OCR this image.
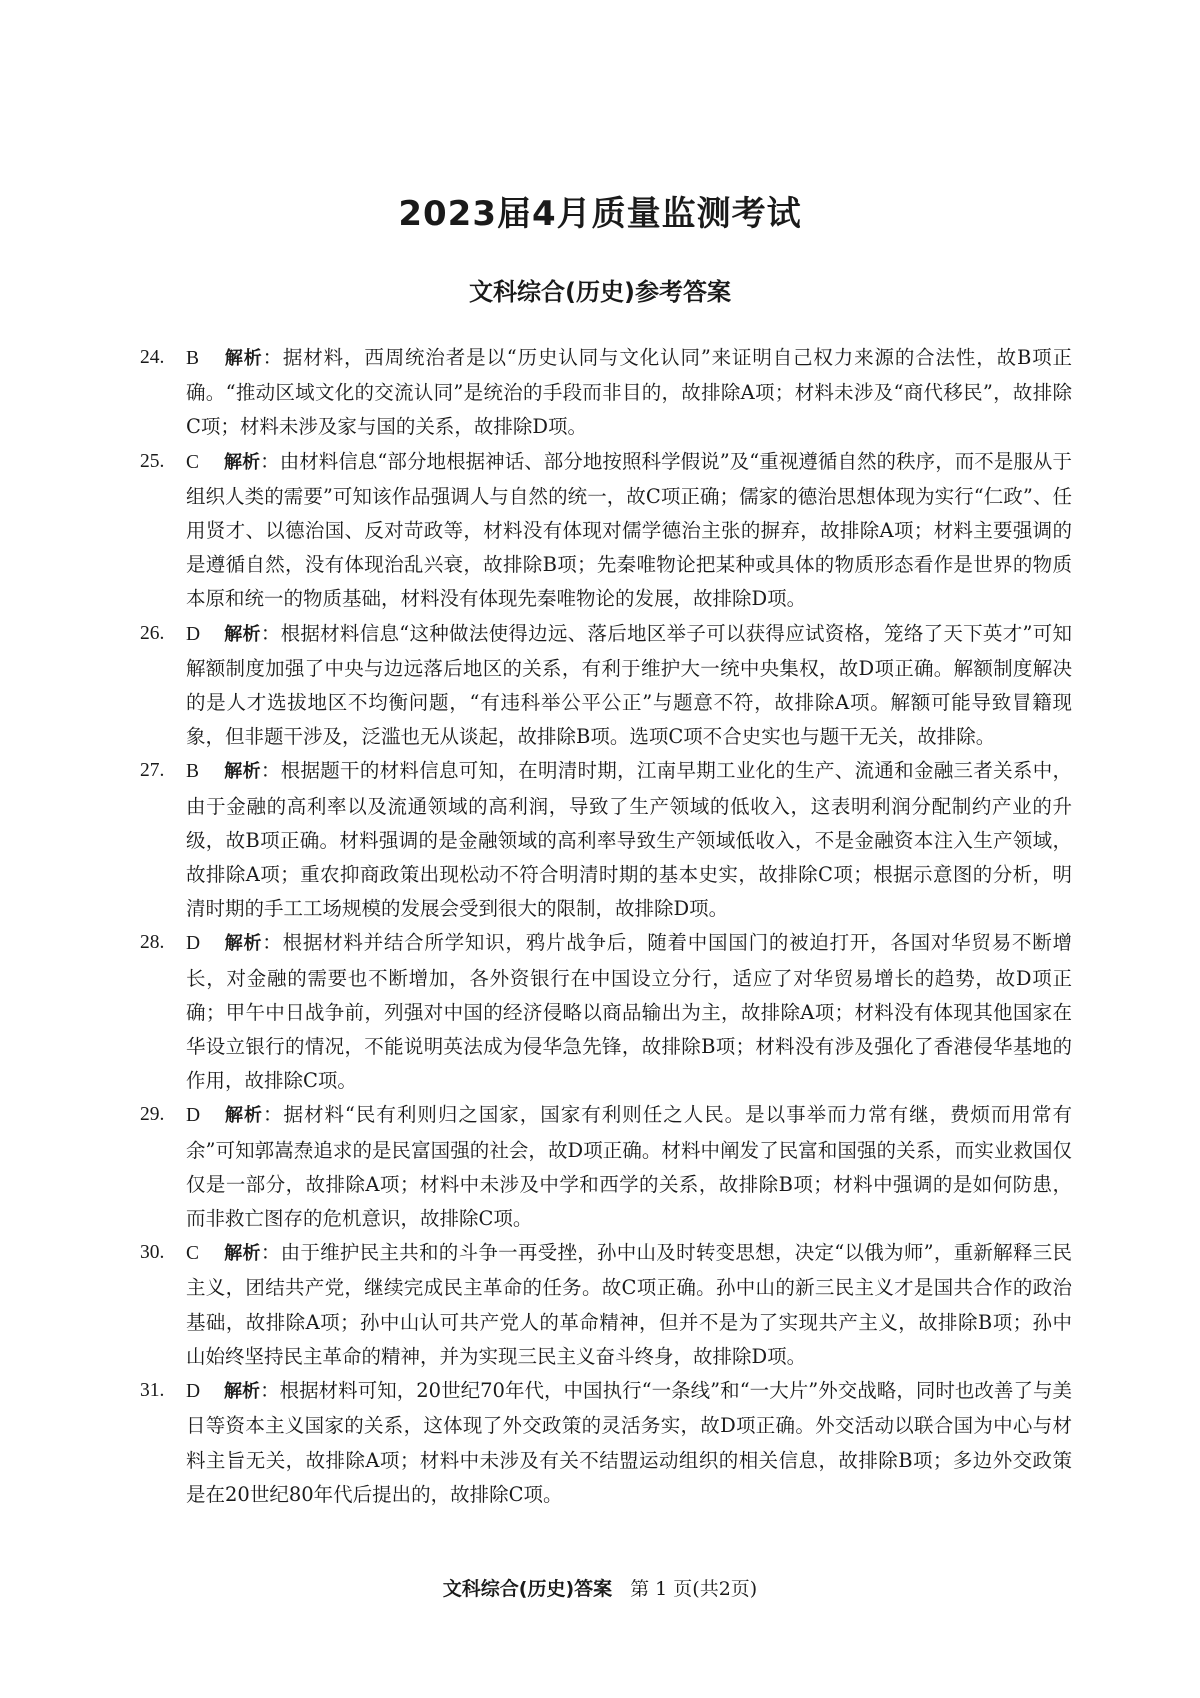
2023届4月质量监测考试
文科综合(历史)参考答案
24.	B 解析：据材料，西周统治者是以“历史认同与文化认同”来证明自己权力来源的合法性，故B项正确。“推动区域文化的交流认同”是统治的手段而非目的，故排除A项；材料未涉及“商代移民”，故排除C项；材料未涉及家与国的关系，故排除D项。
25.	C 解析：由材料信息“部分地根据神话、部分地按照科学假说”及“重视遵循自然的秩序，而不是服从于组织人类的需要”可知该作品强调人与自然的统一，故C项正确；儒家的德治思想体现为实行“仁政”、任用贤才、以德治国、反对苛政等，材料没有体现对儒学德治主张的摒弃，故排除A项；材料主要强调的是遵循自然，没有体现治乱兴衰，故排除B项；先秦唯物论把某种或具体的物质形态看作是世界的物质本原和统一的物质基础，材料没有体现先秦唯物论的发展，故排除D项。
26.	D 解析：根据材料信息“这种做法使得边远、落后地区举子可以获得应试资格，笼络了天下英才”可知解额制度加强了中央与边远落后地区的关系，有利于维护大一统中央集权，故D项正确。解额制度解决的是人才选拔地区不均衡问题，“有违科举公平公正”与题意不符，故排除A项。解额可能导致冒籍现象，但非题干涉及，泛滥也无从谈起，故排除B项。选项C项不合史实也与题干无关，故排除。
27.	B 解析：根据题干的材料信息可知，在明清时期，江南早期工业化的生产、流通和金融三者关系中，由于金融的高利率以及流通领域的高利润，导致了生产领域的低收入，这表明利润分配制约产业的升级，故B项正确。材料强调的是金融领域的高利率导致生产领域低收入，不是金融资本注入生产领域，故排除A项；重农抑商政策出现松动不符合明清时期的基本史实，故排除C项；根据示意图的分析，明清时期的手工工场规模的发展会受到很大的限制，故排除D项。
28.	D 解析：根据材料并结合所学知识，鸦片战争后，随着中国国门的被迫打开，各国对华贸易不断增长，对金融的需要也不断增加，各外资银行在中国设立分行，适应了对华贸易增长的趋势，故D项正确；甲午中日战争前，列强对中国的经济侵略以商品输出为主，故排除A项；材料没有体现其他国家在华设立银行的情况，不能说明英法成为侵华急先锋，故排除B项；材料没有涉及强化了香港侵华基地的作用，故排除C项。
29.	D 解析：据材料“民有利则归之国家，国家有利则任之人民。是以事举而力常有继，费烦而用常有余”可知郭嵩焘追求的是民富国强的社会，故D项正确。材料中阐发了民富和国强的关系，而实业救国仅仅是一部分，故排除A项；材料中未涉及中学和西学的关系，故排除B项；材料中强调的是如何防患，而非救亡图存的危机意识，故排除C项。
30.	C 解析：由于维护民主共和的斗争一再受挫，孙中山及时转变思想，决定“以俄为师”，重新解释三民主义，团结共产党，继续完成民主革命的任务。故C项正确。孙中山的新三民主义才是国共合作的政治基础，故排除A项；孙中山认可共产党人的革命精神，但并不是为了实现共产主义，故排除B项；孙中山始终坚持民主革命的精神，并为实现三民主义奋斗终身，故排除D项。
31.	D 解析：根据材料可知，20世纪70年代，中国执行“一条线”和“一大片”外交战略，同时也改善了与美日等资本主义国家的关系，这体现了外交政策的灵活务实，故D项正确。外交活动以联合国为中心与材料主旨无关，故排除A项；材料中未涉及有关不结盟运动组织的相关信息，故排除B项；多边外交政策是在20世纪80年代后提出的，故排除C项。
文科综合(历史)答案 第 1 页(共2页)
